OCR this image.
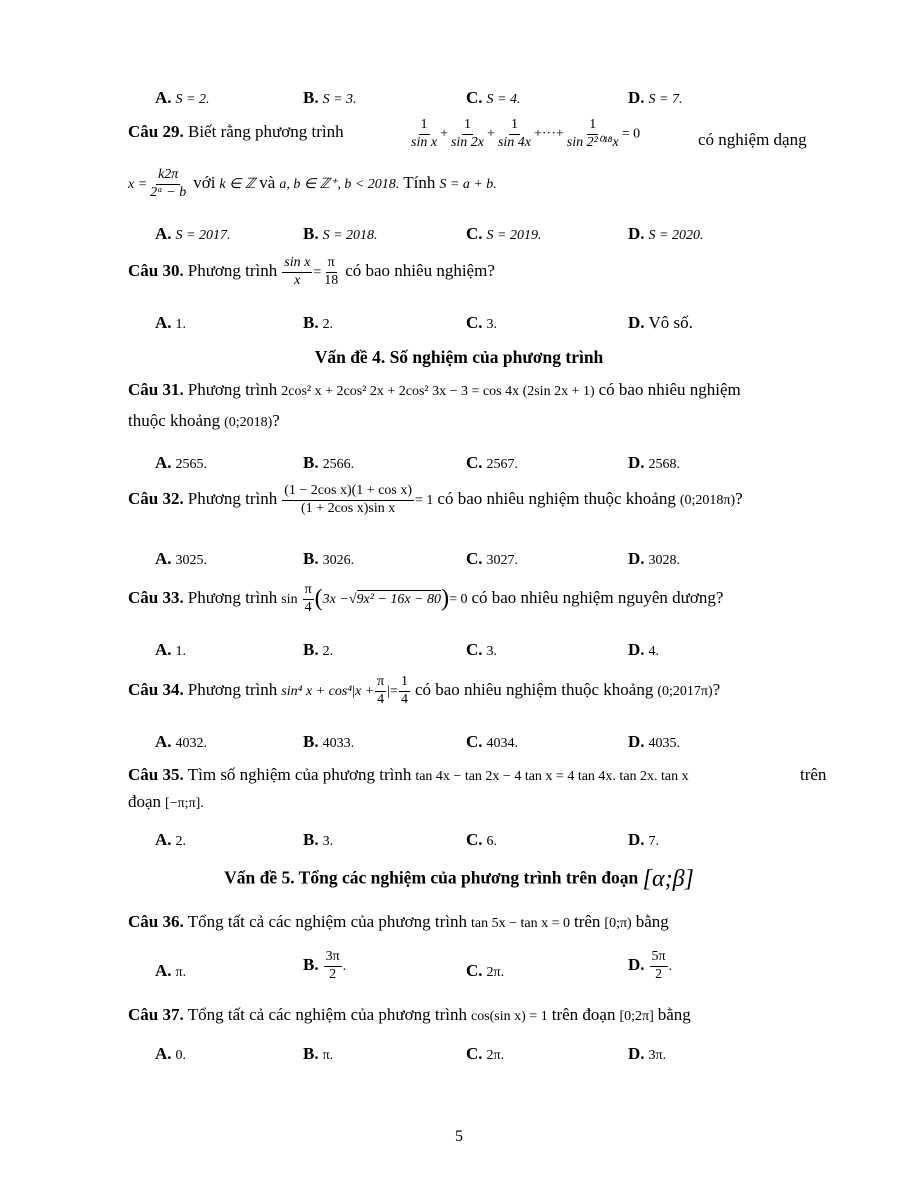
A. S = 2.	B. S = 3.	C. S = 4.	D. S = 7.
Câu 29. Biết rằng phương trình	$\frac{1}{\text{sin x}} + \frac{1}{\sin 2x} + \frac{1}{\sin 4x}$ +···+ $\frac{1}{\text{sin 2²⁰¹⁸x}} = 0$	có nghiệm dạng
$x = \frac{k2\pi}{\text{2ᵃ − b}}$ với k ∈ ℤ và a, b ∈ ℤ⁺, b < 2018. Tính S = a + b.
A. S = 2017.	B. S = 2018.	C. S = 2019.	D. S = 2020.
Câu 30. Phương trình $\frac{\text{sin x}}{x} = \frac{\pi}{18}$ có bao nhiêu nghiệm?
A. 1.	B. 2.	C. 3.	D. Vô số.
Vấn đề 4. Số nghiệm của phương trình
Câu 31. Phương trình 2cos² x + 2cos² 2x + 2cos² 3x − 3 = cos 4x (2sin 2x + 1) có bao nhiêu nghiệm
thuộc khoảng (0;2018)?
A. 2565.	B. 2566.	C. 2567.	D. 2568.
Câu 32. Phương trình $\frac{\text{(1 − 2cos x)(1 + cos x)}}{\text{(1 + 2cos x)sin x}} = 1$ có bao nhiêu nghiệm thuộc khoảng (0;2018π)?
A. 3025.	B. 3026.	C. 3027.	D. 3028.
Câu 33. Phương trình $\sin \frac{\pi}{4} (3x -√9x^2 - 16x - 80)= 0$ có bao nhiêu nghiệm nguyên dương?
A. 1.	B. 2.	C. 3.	D. 4.
Câu 34. Phương trình sin⁴ $x + \cos^4|x + \frac{\pi}{4}$ |= $\frac{1}{4}$ có bao nhiêu nghiệm thuộc khoảng (0;2017π)?
A. 4032.	B. 4033.	C. 4034.	D. 4035.
Câu 35. Tìm số nghiệm của phương trình tan 4x − tan 2x − 4 tan x = 4 tan 4x. tan 2x. tan x	trên
đoạn [−π;π].
A. 2.	B. 3.	C. 6.	D. 7.
Vấn đề 5. Tổng các nghiệm của phương trình trên đoạn [α;β]
Câu 36. Tổng tất cả các nghiệm của phương trình tan 5x − tan x = 0 trên [0;π) bằng
A. π.	B. $\frac{3\pi}{2}$ .	C. 2π.	D. $\frac{5\pi}{2}$ .
Câu 37. Tổng tất cả các nghiệm của phương trình cos(sin x) = 1 trên đoạn [0;2π] bằng
A. 0.	B. π.	C. 2π.	D. 3π.
5
